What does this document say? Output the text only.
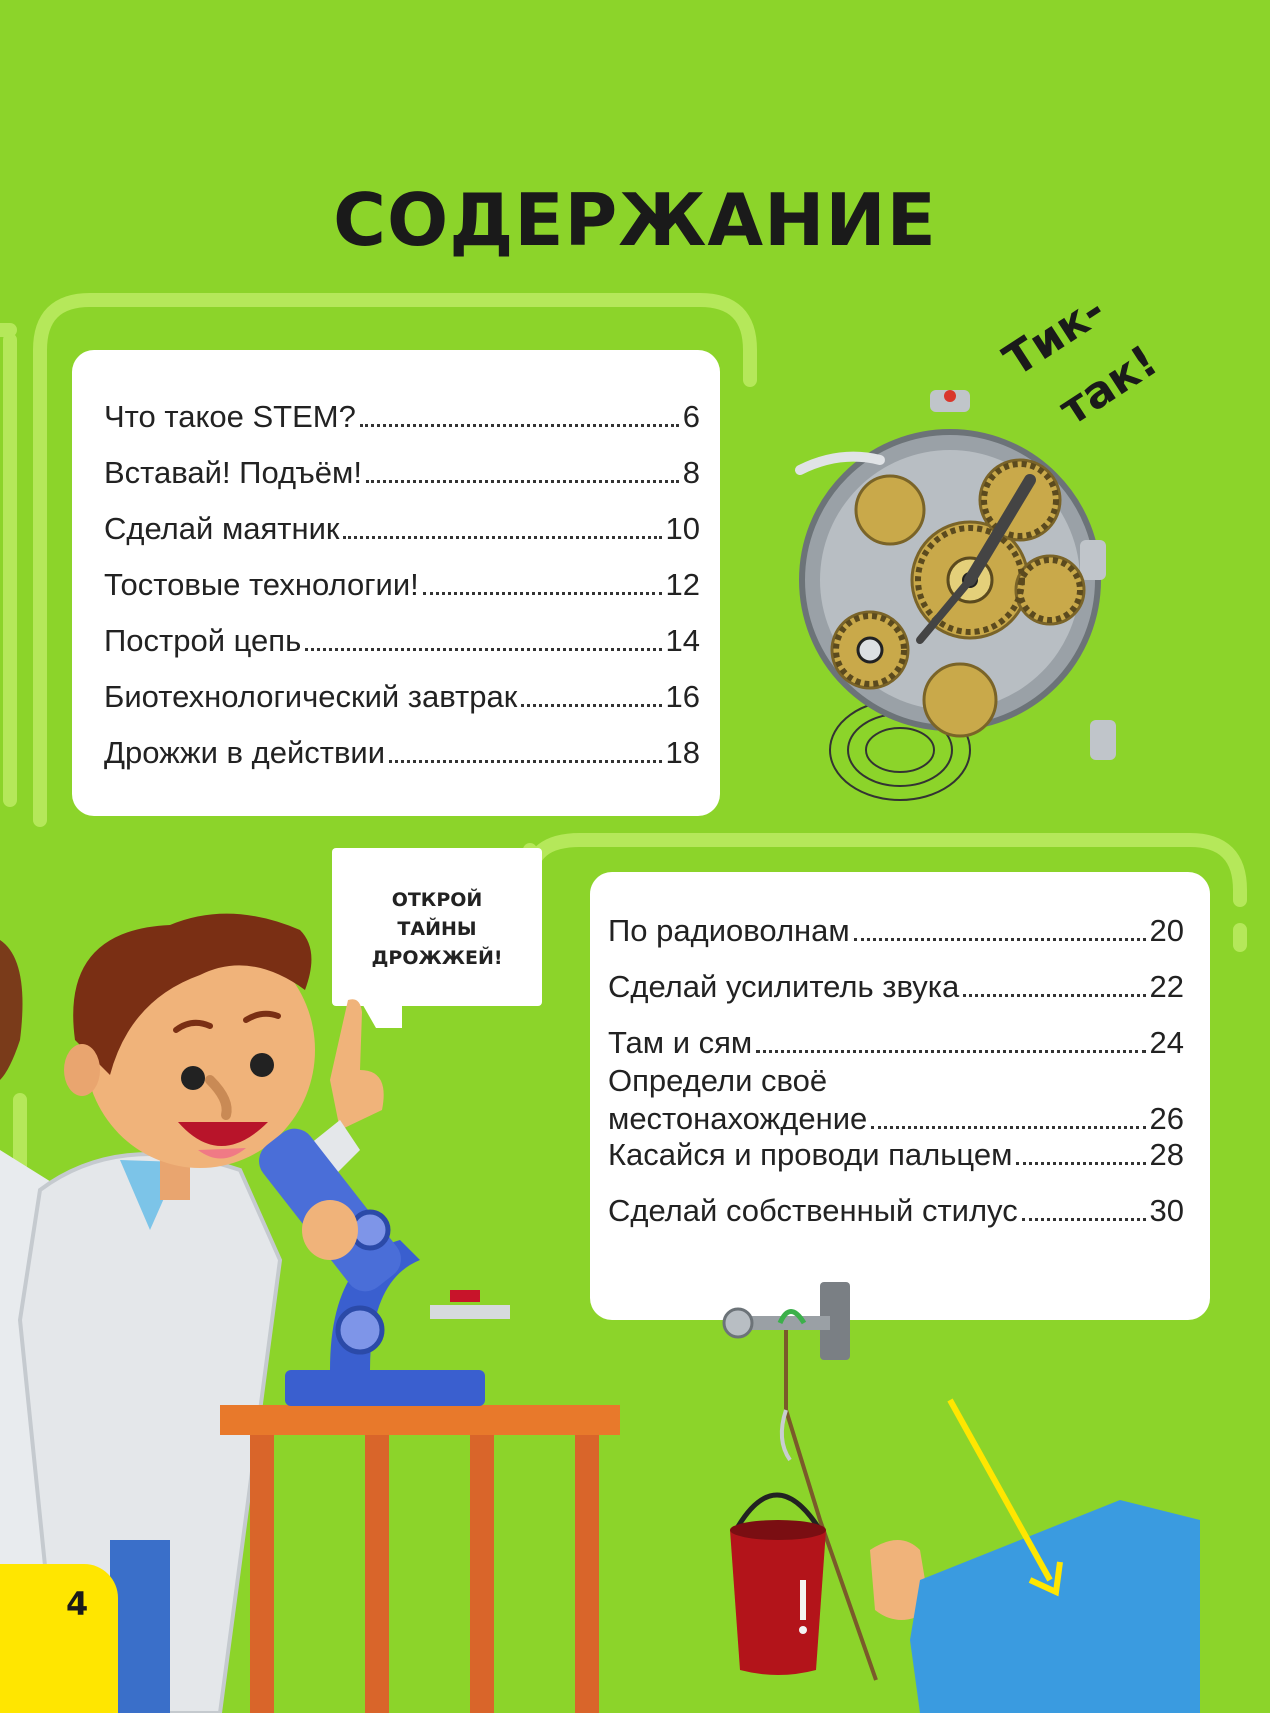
СОДЕРЖАНИЕ
Что такое STEM?	6
Вставай! Подъём!	8
Сделай маятник	10
Тостовые технологии!	12
Построй цепь	14
Биотехнологический завтрак	16
Дрожжи в действии	18
Тик-
так!
ОТКРОЙ
ТАЙНЫ
ДРОЖЖЕЙ!
По радиоволнам	20
Сделай усилитель звука	22
Там и сям	24
Определи своё
местонахождение	26
Касайся и проводи пальцем	28
Сделай собственный стилус	30
4
